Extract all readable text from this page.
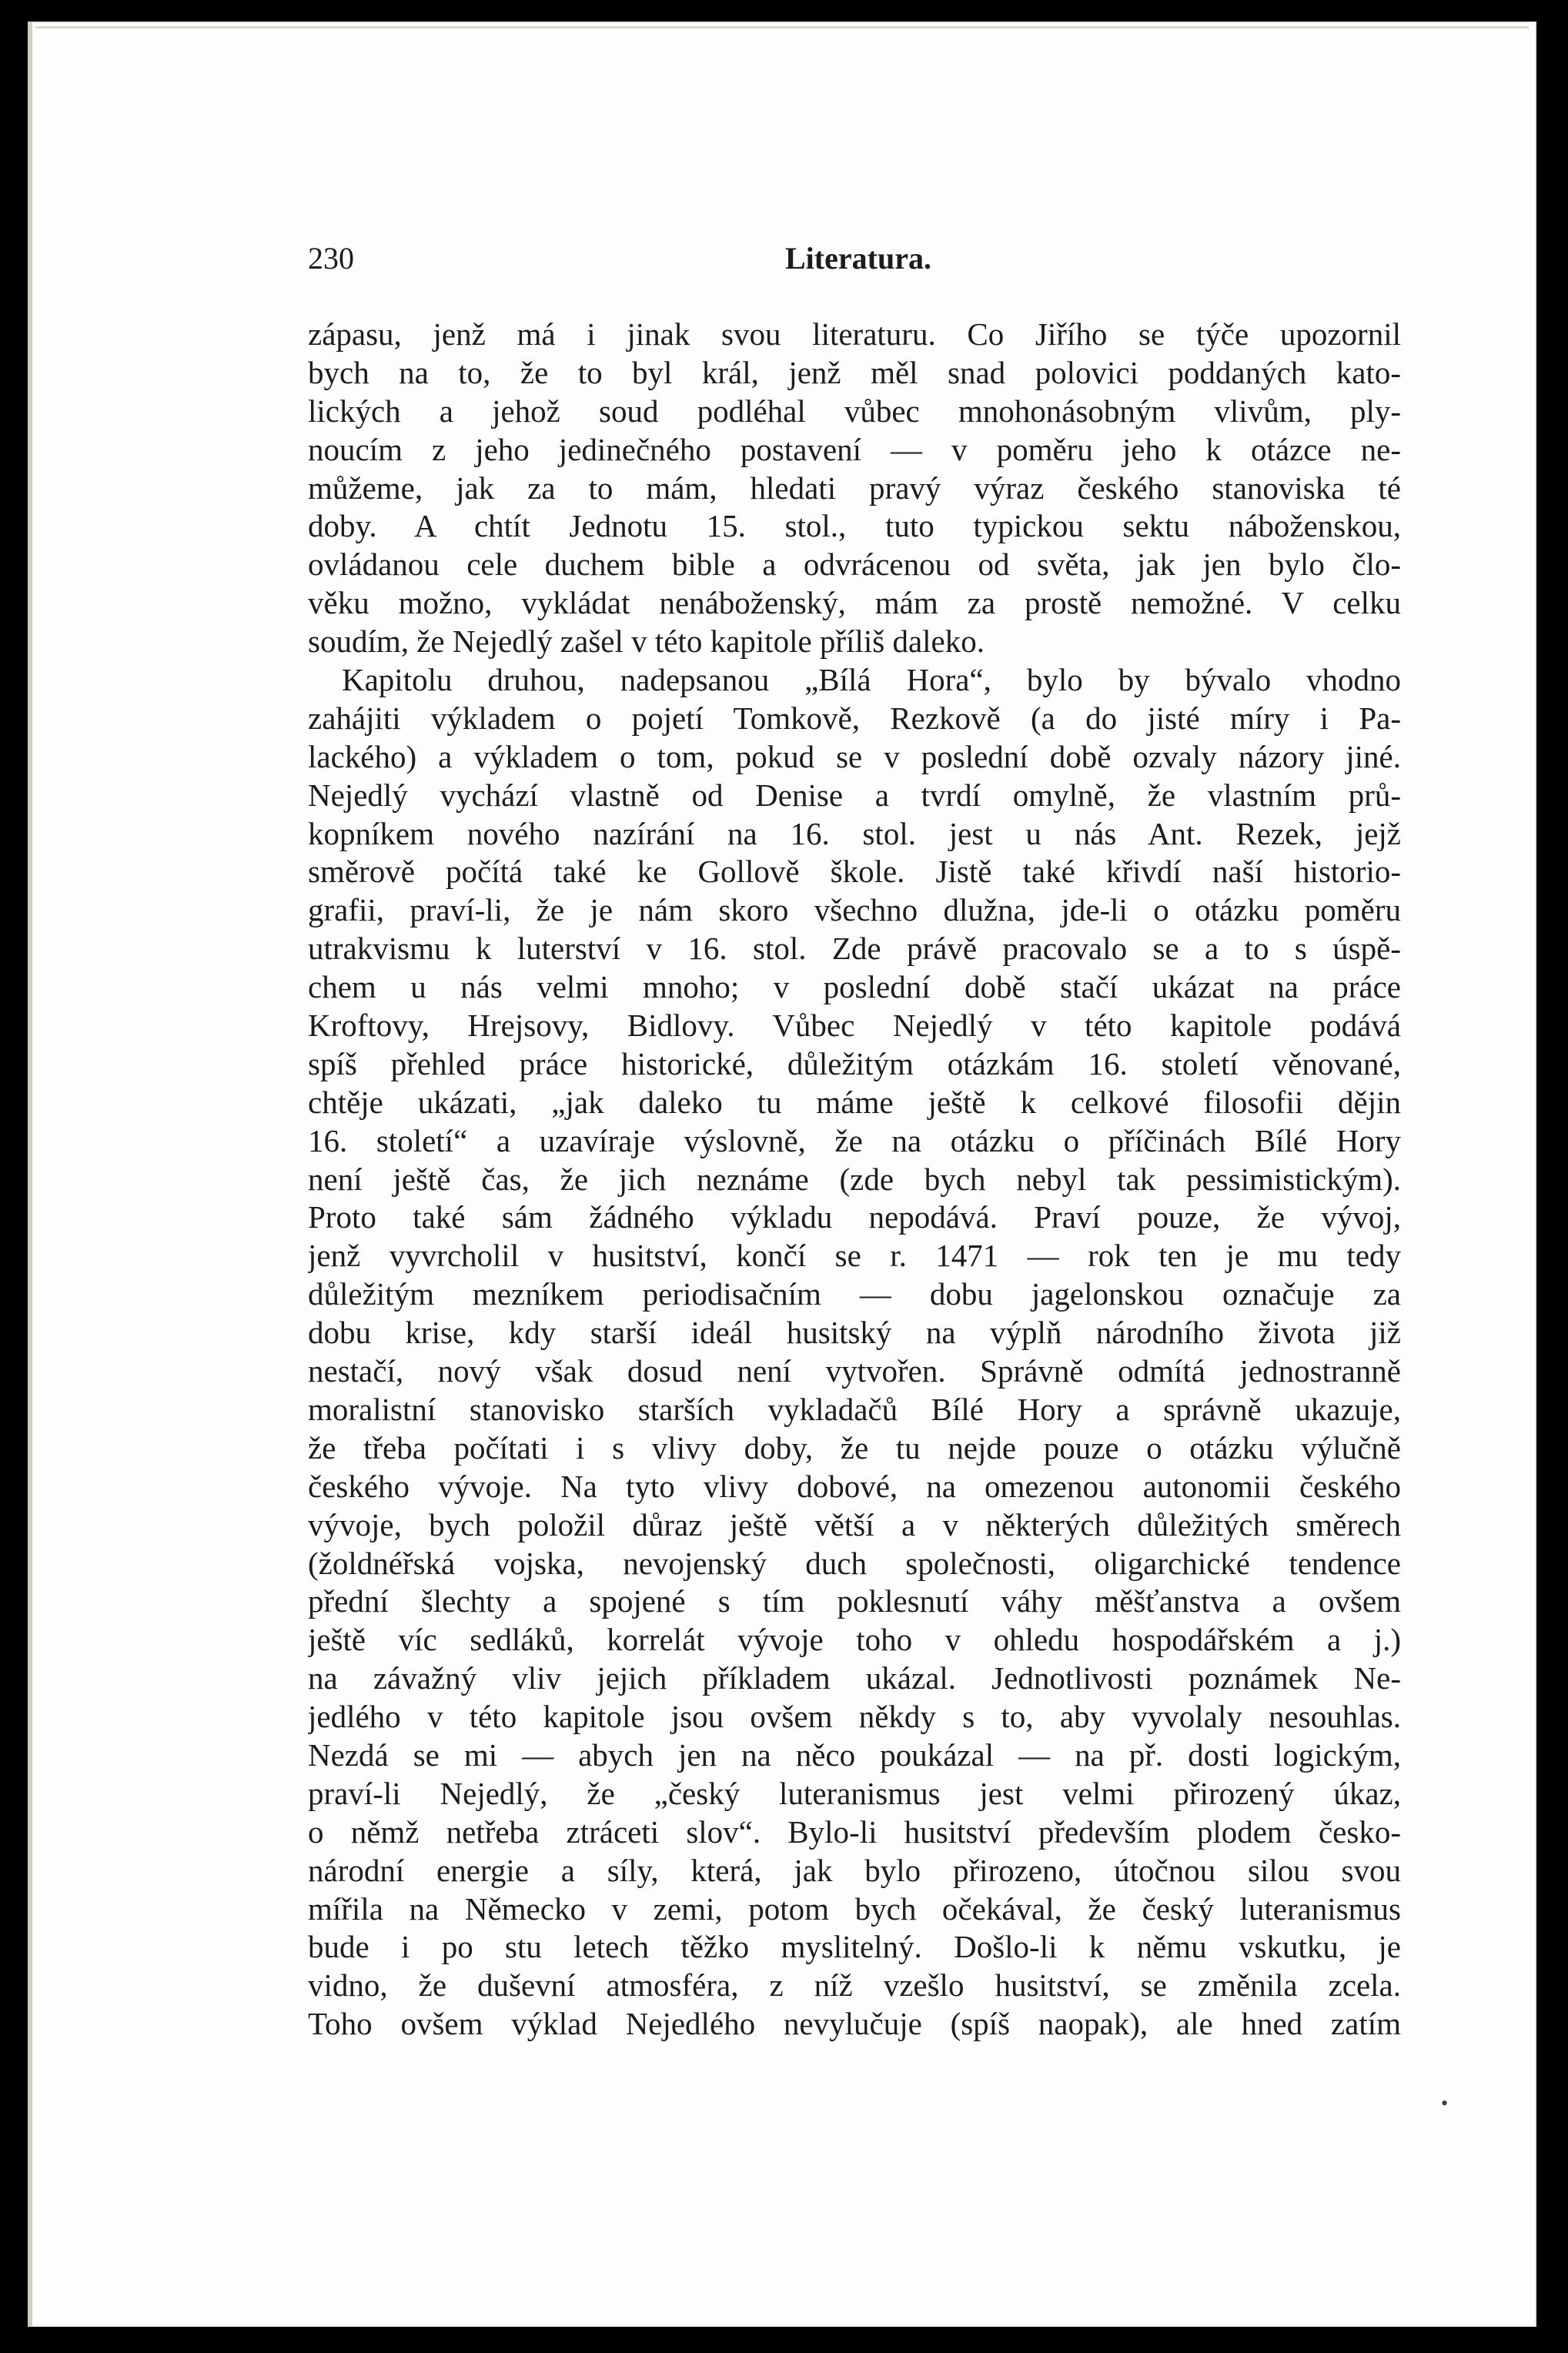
230	Literatura.
zápasu, jenž má i jinak svou literaturu. Co Jiřího se týče upozornil
bych na to, že to byl král, jenž měl snad polovici poddaných kato-
lických a jehož soud podléhal vůbec mnohonásobným vlivům, ply-
noucím z jeho jedinečného postavení — v poměru jeho k otázce ne-
můžeme, jak za to mám, hledati pravý výraz českého stanoviska té
doby. A chtít Jednotu 15. stol., tuto typickou sektu náboženskou,
ovládanou cele duchem bible a odvrácenou od světa, jak jen bylo člo-
věku možno, vykládat nenáboženský, mám za prostě nemožné. V celku
soudím, že Nejedlý zašel v této kapitole příliš daleko.
Kapitolu druhou, nadepsanou „Bílá Hora“, bylo by bývalo vhodno
zahájiti výkladem o pojetí Tomkově, Rezkově (a do jisté míry i Pa-
lackého) a výkladem o tom, pokud se v poslední době ozvaly názory jiné.
Nejedlý vychází vlastně od Denise a tvrdí omylně, že vlastním prů-
kopníkem nového nazírání na 16. stol. jest u nás Ant. Rezek, jejž
směrově počítá také ke Gollově škole. Jistě také křivdí naší historio-
grafii, praví-li, že je nám skoro všechno dlužna, jde-li o otázku poměru
utrakvismu k luterství v 16. stol. Zde právě pracovalo se a to s úspě-
chem u nás velmi mnoho; v poslední době stačí ukázat na práce
Kroftovy, Hrejsovy, Bidlovy. Vůbec Nejedlý v této kapitole podává
spíš přehled práce historické, důležitým otázkám 16. století věnované,
chtěje ukázati, „jak daleko tu máme ještě k celkové filosofii dějin
16. století“ a uzavíraje výslovně, že na otázku o příčinách Bílé Hory
není ještě čas, že jich neznáme (zde bych nebyl tak pessimistickým).
Proto také sám žádného výkladu nepodává. Praví pouze, že vývoj,
jenž vyvrcholil v husitství, končí se r. 1471 — rok ten je mu tedy
důležitým mezníkem periodisačním — dobu jagelonskou označuje za
dobu krise, kdy starší ideál husitský na výplň národního života již
nestačí, nový však dosud není vytvořen. Správně odmítá jednostranně
moralistní stanovisko starších vykladačů Bílé Hory a správně ukazuje,
že třeba počítati i s vlivy doby, že tu nejde pouze o otázku výlučně
českého vývoje. Na tyto vlivy dobové, na omezenou autonomii českého
vývoje, bych položil důraz ještě větší a v některých důležitých směrech
(žoldnéřská vojska, nevojenský duch společnosti, oligarchické tendence
přední šlechty a spojené s tím poklesnutí váhy měšťanstva a ovšem
ještě víc sedláků, korrelát vývoje toho v ohledu hospodářském a j.)
na závažný vliv jejich příkladem ukázal. Jednotlivosti poznámek Ne-
jedlého v této kapitole jsou ovšem někdy s to, aby vyvolaly nesouhlas.
Nezdá se mi — abych jen na něco poukázal — na př. dosti logickým,
praví-li Nejedlý, že „český luteranismus jest velmi přirozený úkaz,
o němž netřeba ztráceti slov“. Bylo-li husitství především plodem česko-
národní energie a síly, která, jak bylo přirozeno, útočnou silou svou
mířila na Německo v zemi, potom bych očekával, že český luteranismus
bude i po stu letech těžko myslitelný. Došlo-li k němu vskutku, je
vidno, že duševní atmosféra, z níž vzešlo husitství, se změnila zcela.
Toho ovšem výklad Nejedlého nevylučuje (spíš naopak), ale hned zatím
•
